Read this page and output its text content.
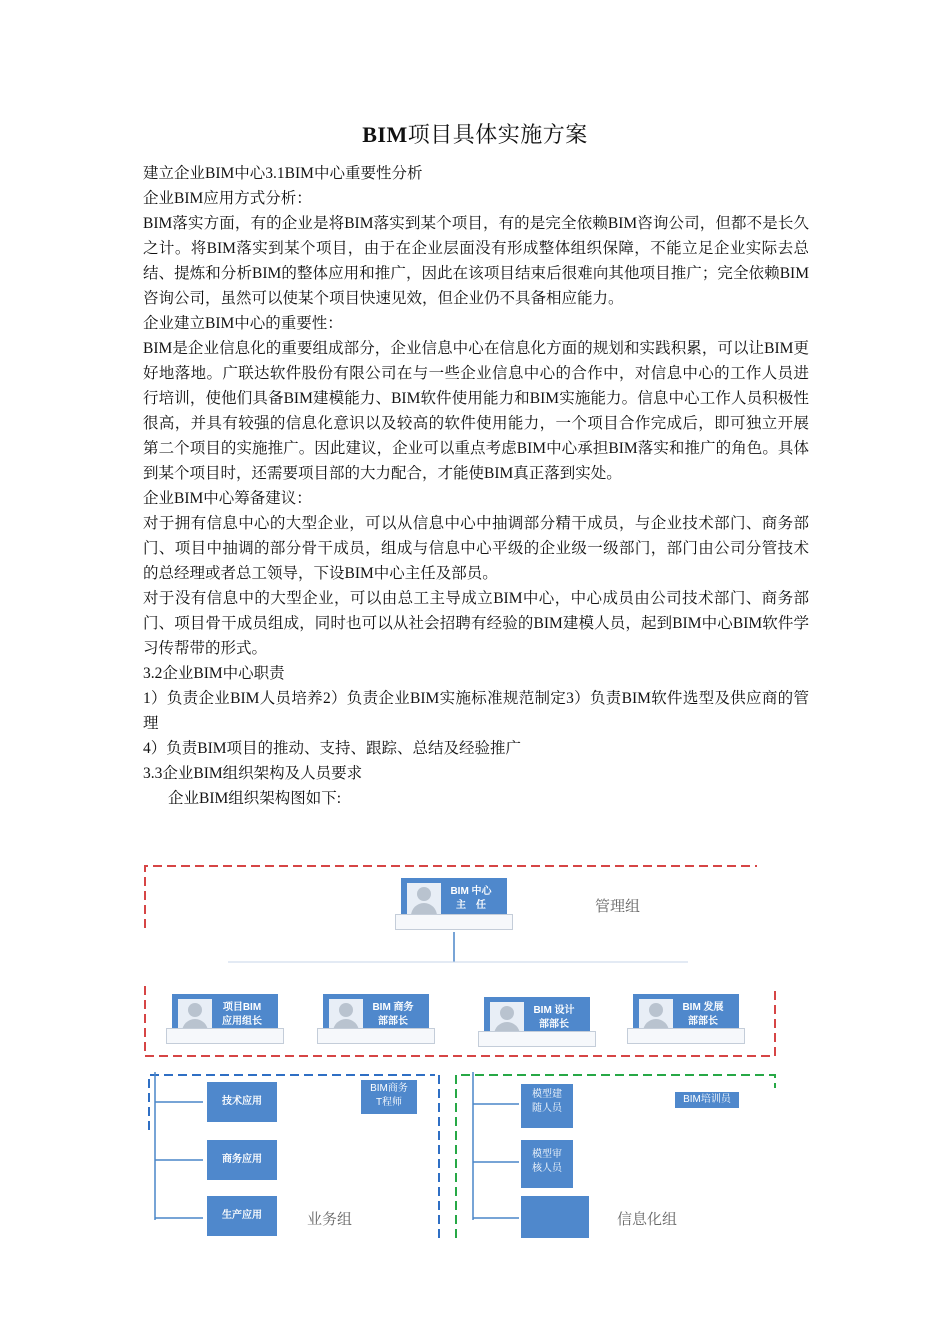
BIM项目具体实施方案

建立企业BIM中心3.1BIM中心重要性分析

企业BIM应用方式分析：

BIM落实方面，有的企业是将BIM落实到某个项目，有的是完全依赖BIM咨询公司，但都不是长久之计。将BIM落实到某个项目，由于在企业层面没有形成整体组织保障，不能立足企业实际去总结、提炼和分析BIM的整体应用和推广，因此在该项目结束后很难向其他项目推广；完全依赖BIM咨询公司，虽然可以使某个项目快速见效，但企业仍不具备相应能力。

企业建立BIM中心的重要性：

BIM是企业信息化的重要组成部分，企业信息中心在信息化方面的规划和实践积累，可以让BIM更好地落地。广联达软件股份有限公司在与一些企业信息中心的合作中，对信息中心的工作人员进行培训，使他们具备BIM建模能力、BIM软件使用能力和BIM实施能力。信息中心工作人员积极性很高，并具有较强的信息化意识以及较高的软件使用能力，一个项目合作完成后，即可独立开展第二个项目的实施推广。因此建议，企业可以重点考虑BIM中心承担BIM落实和推广的角色。具体到某个项目时，还需要项目部的大力配合，才能使BIM真正落到实处。

企业BIM中心筹备建议：

对于拥有信息中心的大型企业，可以从信息中心中抽调部分精干成员，与企业技术部门、商务部门、项目中抽调的部分骨干成员，组成与信息中心平级的企业级一级部门，部门由公司分管技术的总经理或者总工领导，下设BIM中心主任及部员。

对于没有信息中的大型企业，可以由总工主导成立BIM中心，中心成员由公司技术部门、商务部门、项目骨干成员组成，同时也可以从社会招聘有经验的BIM建模人员，起到BIM中心BIM软件学习传帮带的形式。

3.2企业BIM中心职责

1）负责企业BIM人员培养2）负责企业BIM实施标准规范制定3）负责BIM软件选型及供应商的管理

4）负责BIM项目的推动、支持、跟踪、总结及经验推广

3.3企业BIM组织架构及人员要求

企业BIM组织架构图如下:

BIM 中心
主　任	管理组
项目BIM
应用组长
BIM 商务
部部长
BIM 设计
部部长
BIM 发展
部部长
技术应用
商务应用
生产应用	业务组
BIM商务
T程师
模型建
随人员
模型审
核人员
信息化组
BIM培训员
